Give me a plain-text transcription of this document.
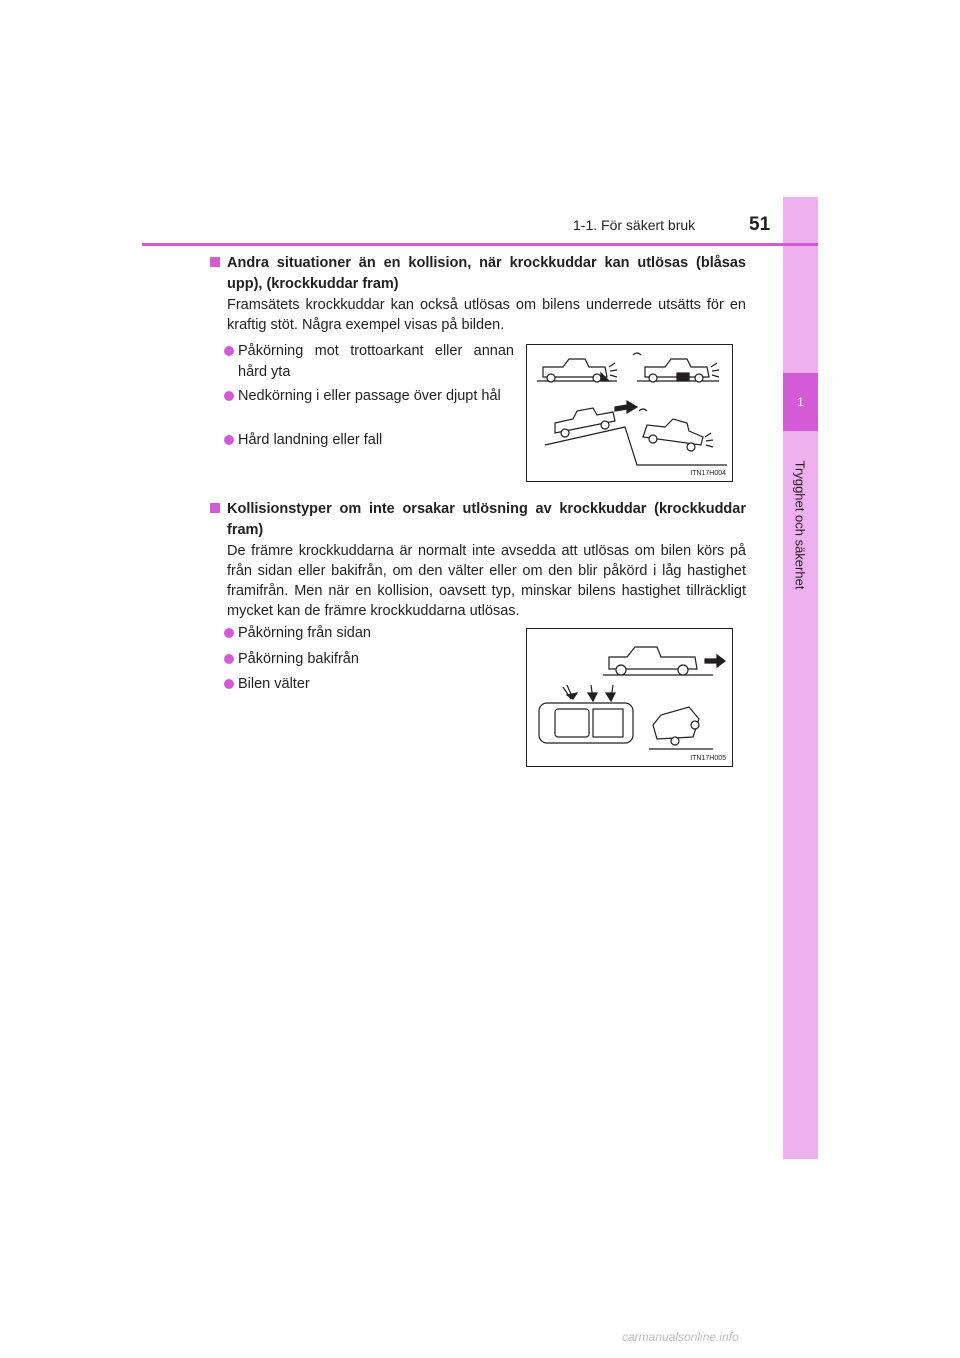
1
Trygghet och säkerhet
1-1. För säkert bruk	51
Andra situationer än en kollision, när krockkuddar kan utlösas (blåsas upp), (krockkuddar fram)
Framsätets krockkuddar kan också utlösas om bilens underrede utsätts för en kraftig stöt. Några exempel visas på bilden.
Påkörning mot trottoarkant eller annan hård yta
Nedkörning i eller passage över djupt hål
Hård landning eller fall
ITN17H004
Kollisionstyper om inte orsakar utlösning av krockkuddar (krockkuddar fram)
De främre krockkuddarna är normalt inte avsedda att utlösas om bilen körs på från sidan eller bakifrån, om den välter eller om den blir påkörd i låg hastighet framifrån. Men när en kollision, oavsett typ, minskar bilens hastighet tillräckligt mycket kan de främre krockkuddarna utlösas.
Påkörning från sidan
Påkörning bakifrån
Bilen välter
ITN17H005
carmanualsonline.info
